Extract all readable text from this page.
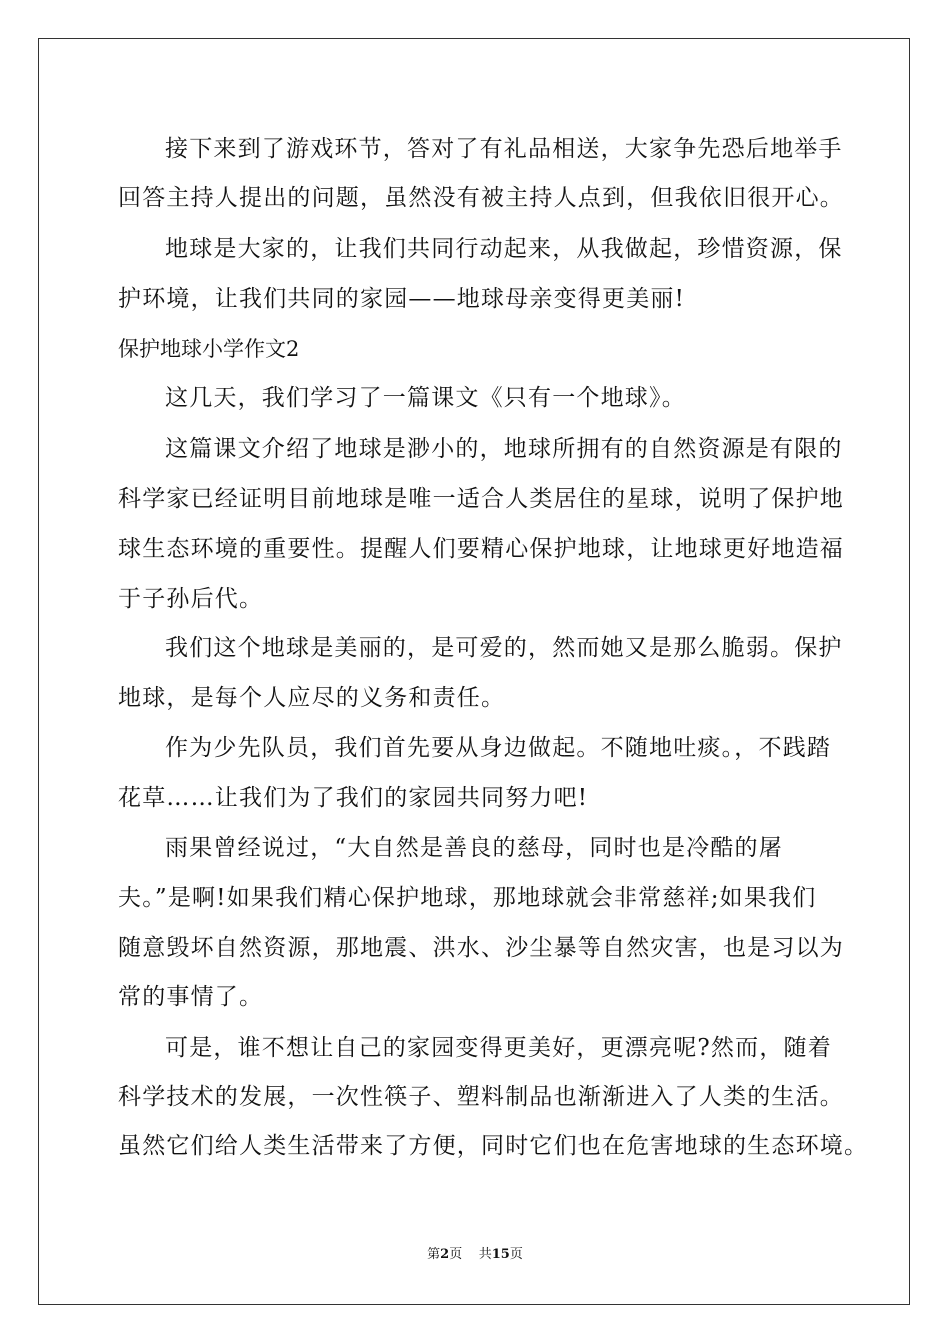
接下来到了游戏环节，答对了有礼品相送，大家争先恐后地举手
回答主持人提出的问题，虽然没有被主持人点到，但我依旧很开心。
地球是大家的，让我们共同行动起来，从我做起，珍惜资源，保
护环境，让我们共同的家园——地球母亲变得更美丽!
保护地球小学作文2
这几天，我们学习了一篇课文《只有一个地球》。
这篇课文介绍了地球是渺小的，地球所拥有的自然资源是有限的
科学家已经证明目前地球是唯一适合人类居住的星球，说明了保护地
球生态环境的重要性。提醒人们要精心保护地球，让地球更好地造福
于子孙后代。
我们这个地球是美丽的，是可爱的，然而她又是那么脆弱。保护
地球，是每个人应尽的义务和责任。
作为少先队员，我们首先要从身边做起。不随地吐痰。，不践踏
花草……让我们为了我们的家园共同努力吧!
雨果曾经说过，“大自然是善良的慈母，同时也是冷酷的屠
夫。”是啊!如果我们精心保护地球，那地球就会非常慈祥;如果我们
随意毁坏自然资源，那地震、洪水、沙尘暴等自然灾害，也是习以为
常的事情了。
可是，谁不想让自己的家园变得更美好，更漂亮呢?然而，随着
科学技术的发展，一次性筷子、塑料制品也渐渐进入了人类的生活。
虽然它们给人类生活带来了方便，同时它们也在危害地球的生态环境。
第2页 共15页
